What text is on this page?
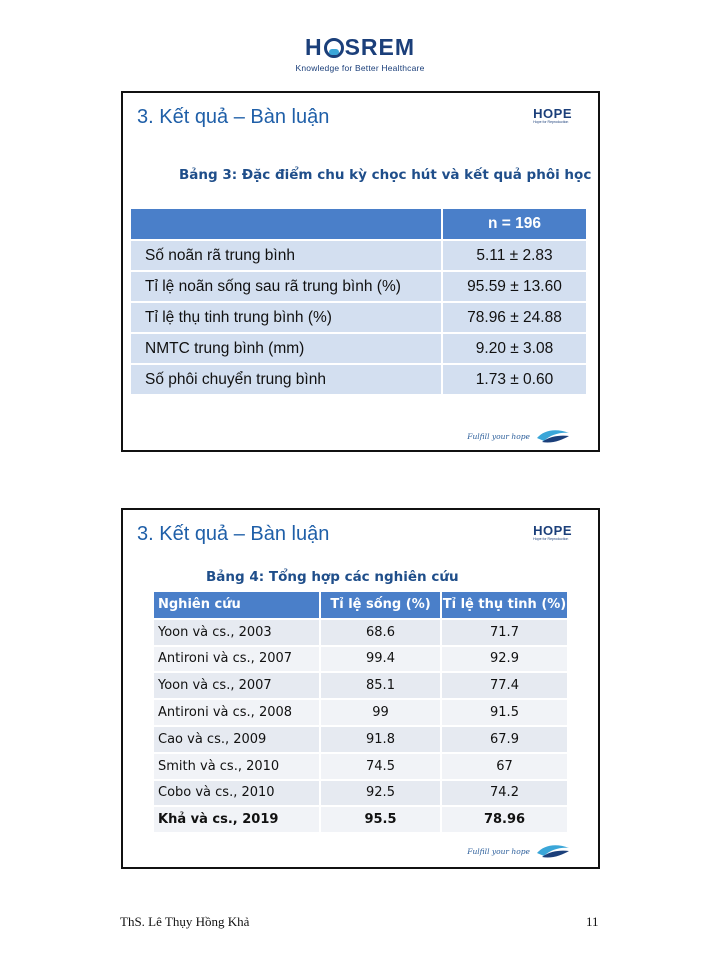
H SREM
Knowledge for Better Healthcare
3. Kết quả – Bàn luận	HOPE
Hope for Reproduction
Bảng 3: Đặc điểm chu kỳ chọc hút và kết quả phôi học
	n = 196
Số noãn rã trung bình	5.11 ± 2.83
Tỉ lệ noãn sống sau rã trung bình (%)	95.59 ± 13.60
Tỉ lệ thụ tinh trung bình (%)	78.96 ± 24.88
NMTC trung bình (mm)	9.20 ± 3.08
Số phôi chuyển trung bình	1.73 ± 0.60
Fulfill your hope
3. Kết quả – Bàn luận	HOPE
Hope for Reproduction
Bảng 4: Tổng hợp các nghiên cứu
Nghiên cứu	Tỉ lệ sống (%)	Tỉ lệ thụ tinh (%)
Yoon và cs., 2003	68.6	71.7
Antironi và cs., 2007	99.4	92.9
Yoon và cs., 2007	85.1	77.4
Antironi và cs., 2008	99	91.5
Cao và cs., 2009	91.8	67.9
Smith và cs., 2010	74.5	67
Cobo và cs., 2010	92.5	74.2
Khả và cs., 2019	95.5	78.96
Fulfill your hope
ThS. Lê Thụy Hồng Khả	11
